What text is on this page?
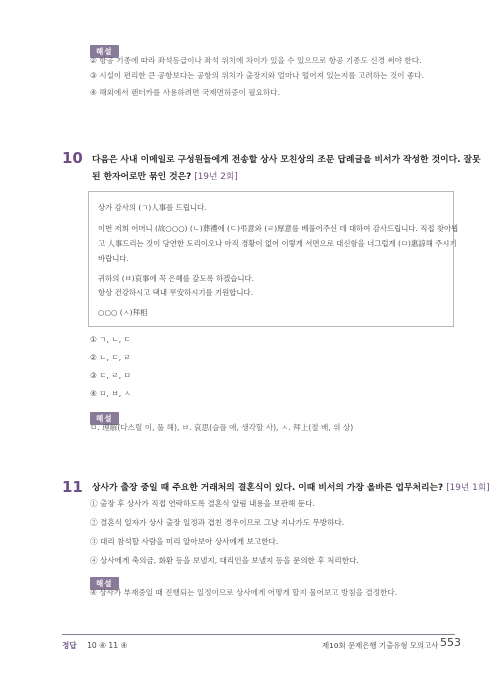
해설
② 항공 기종에 따라 좌석등급이나 좌석 위치에 차이가 있을 수 있으므로 항공 기종도 신경 써야 한다.
③ 시설이 편리한 큰 공항보다는 공항의 위치가 출장지와 얼마나 떨어져 있는지를 고려하는 것이 좋다.
④ 해외에서 렌터카를 사용하려면 국제면허증이 필요하다.
10 다음은 사내 이메일로 구성원들에게 전송할 상사 모친상의 조문 답례글을 비서가 작성한 것이다. 잘못
된 한자어로만 묶인 것은? [19년 2회]
상가 감사의 (ㄱ)人事를 드립니다.
이번 저희 어머니 (故○○○) (ㄴ)葬禮에 (ㄷ)弔意와 (ㄹ)厚意를 베풀어주신 데 대하여 감사드립니다. 직접 찾아뵙
고 人事드리는 것이 당연한 도리이오나 아직 경황이 없어 이렇게 서면으로 대신함을 너그럽게 (ㅁ)惠諒해 주시기
바랍니다.
귀하의 (ㅂ)哀事에 꼭 은혜를 갚도록 하겠습니다.
항상 건강하시고 댁내 平安하시기를 기원합니다.
○○○ (ㅅ)拜相
① ㄱ, ㄴ, ㄷ
② ㄴ, ㄷ, ㄹ
③ ㄷ, ㄹ, ㅁ
④ ㅁ, ㅂ, ㅅ
해설
ㅁ. 理解(다스릴 이, 풀 해), ㅂ. 哀思(슬플 애, 생각할 사), ㅅ. 拜上(절 배, 위 상)
11 상사가 출장 중일 때 주요한 거래처의 결혼식이 있다. 이때 비서의 가장 올바른 업무처리는? [19년 1회]
① 출장 후 상사가 직접 연락하도록 결혼식 알림 내용을 보관해 둔다.
② 결혼식 일자가 상사 출장 일정과 겹친 경우이므로 그냥 지나가도 무방하다.
③ 대리 참석할 사람을 미리 알아보아 상사에게 보고한다.
④ 상사에게 축의금, 화환 등을 보낼지, 대리인을 보낼지 등을 문의한 후 처리한다.
해설
④ 상사가 부재중일 때 진행되는 일정이므로 상사에게 어떻게 할지 물어보고 방침을 결정한다.
정답 10 ④ 11 ④	제10회 문제은행 기출유형 모의고사 553
